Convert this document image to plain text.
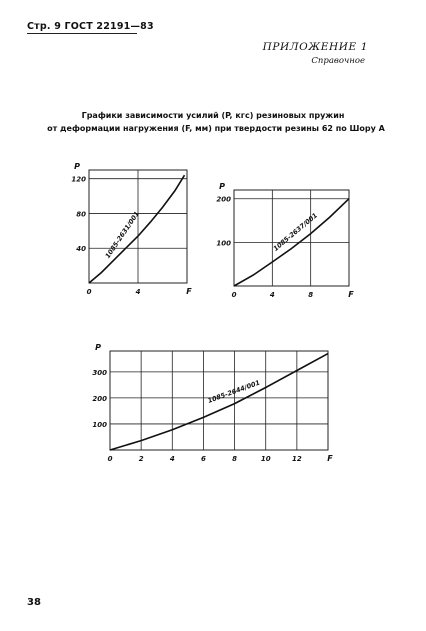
Стр. 9 ГОСТ 22191—83
ПРИЛОЖЕНИЕ 1
Справочное
Графики зависимости усилий (P, кгс) резиновых пружин
от деформации нагружения (F, мм) при твердости резины 62 по Шору А
40
80
120
0	4
P
F
1085-2631/001	100
200
0	4	8
P
F
1085-2637/001
100
200
300
0	2	4	6	8	10	12
P
F
1085-2644/001
38
